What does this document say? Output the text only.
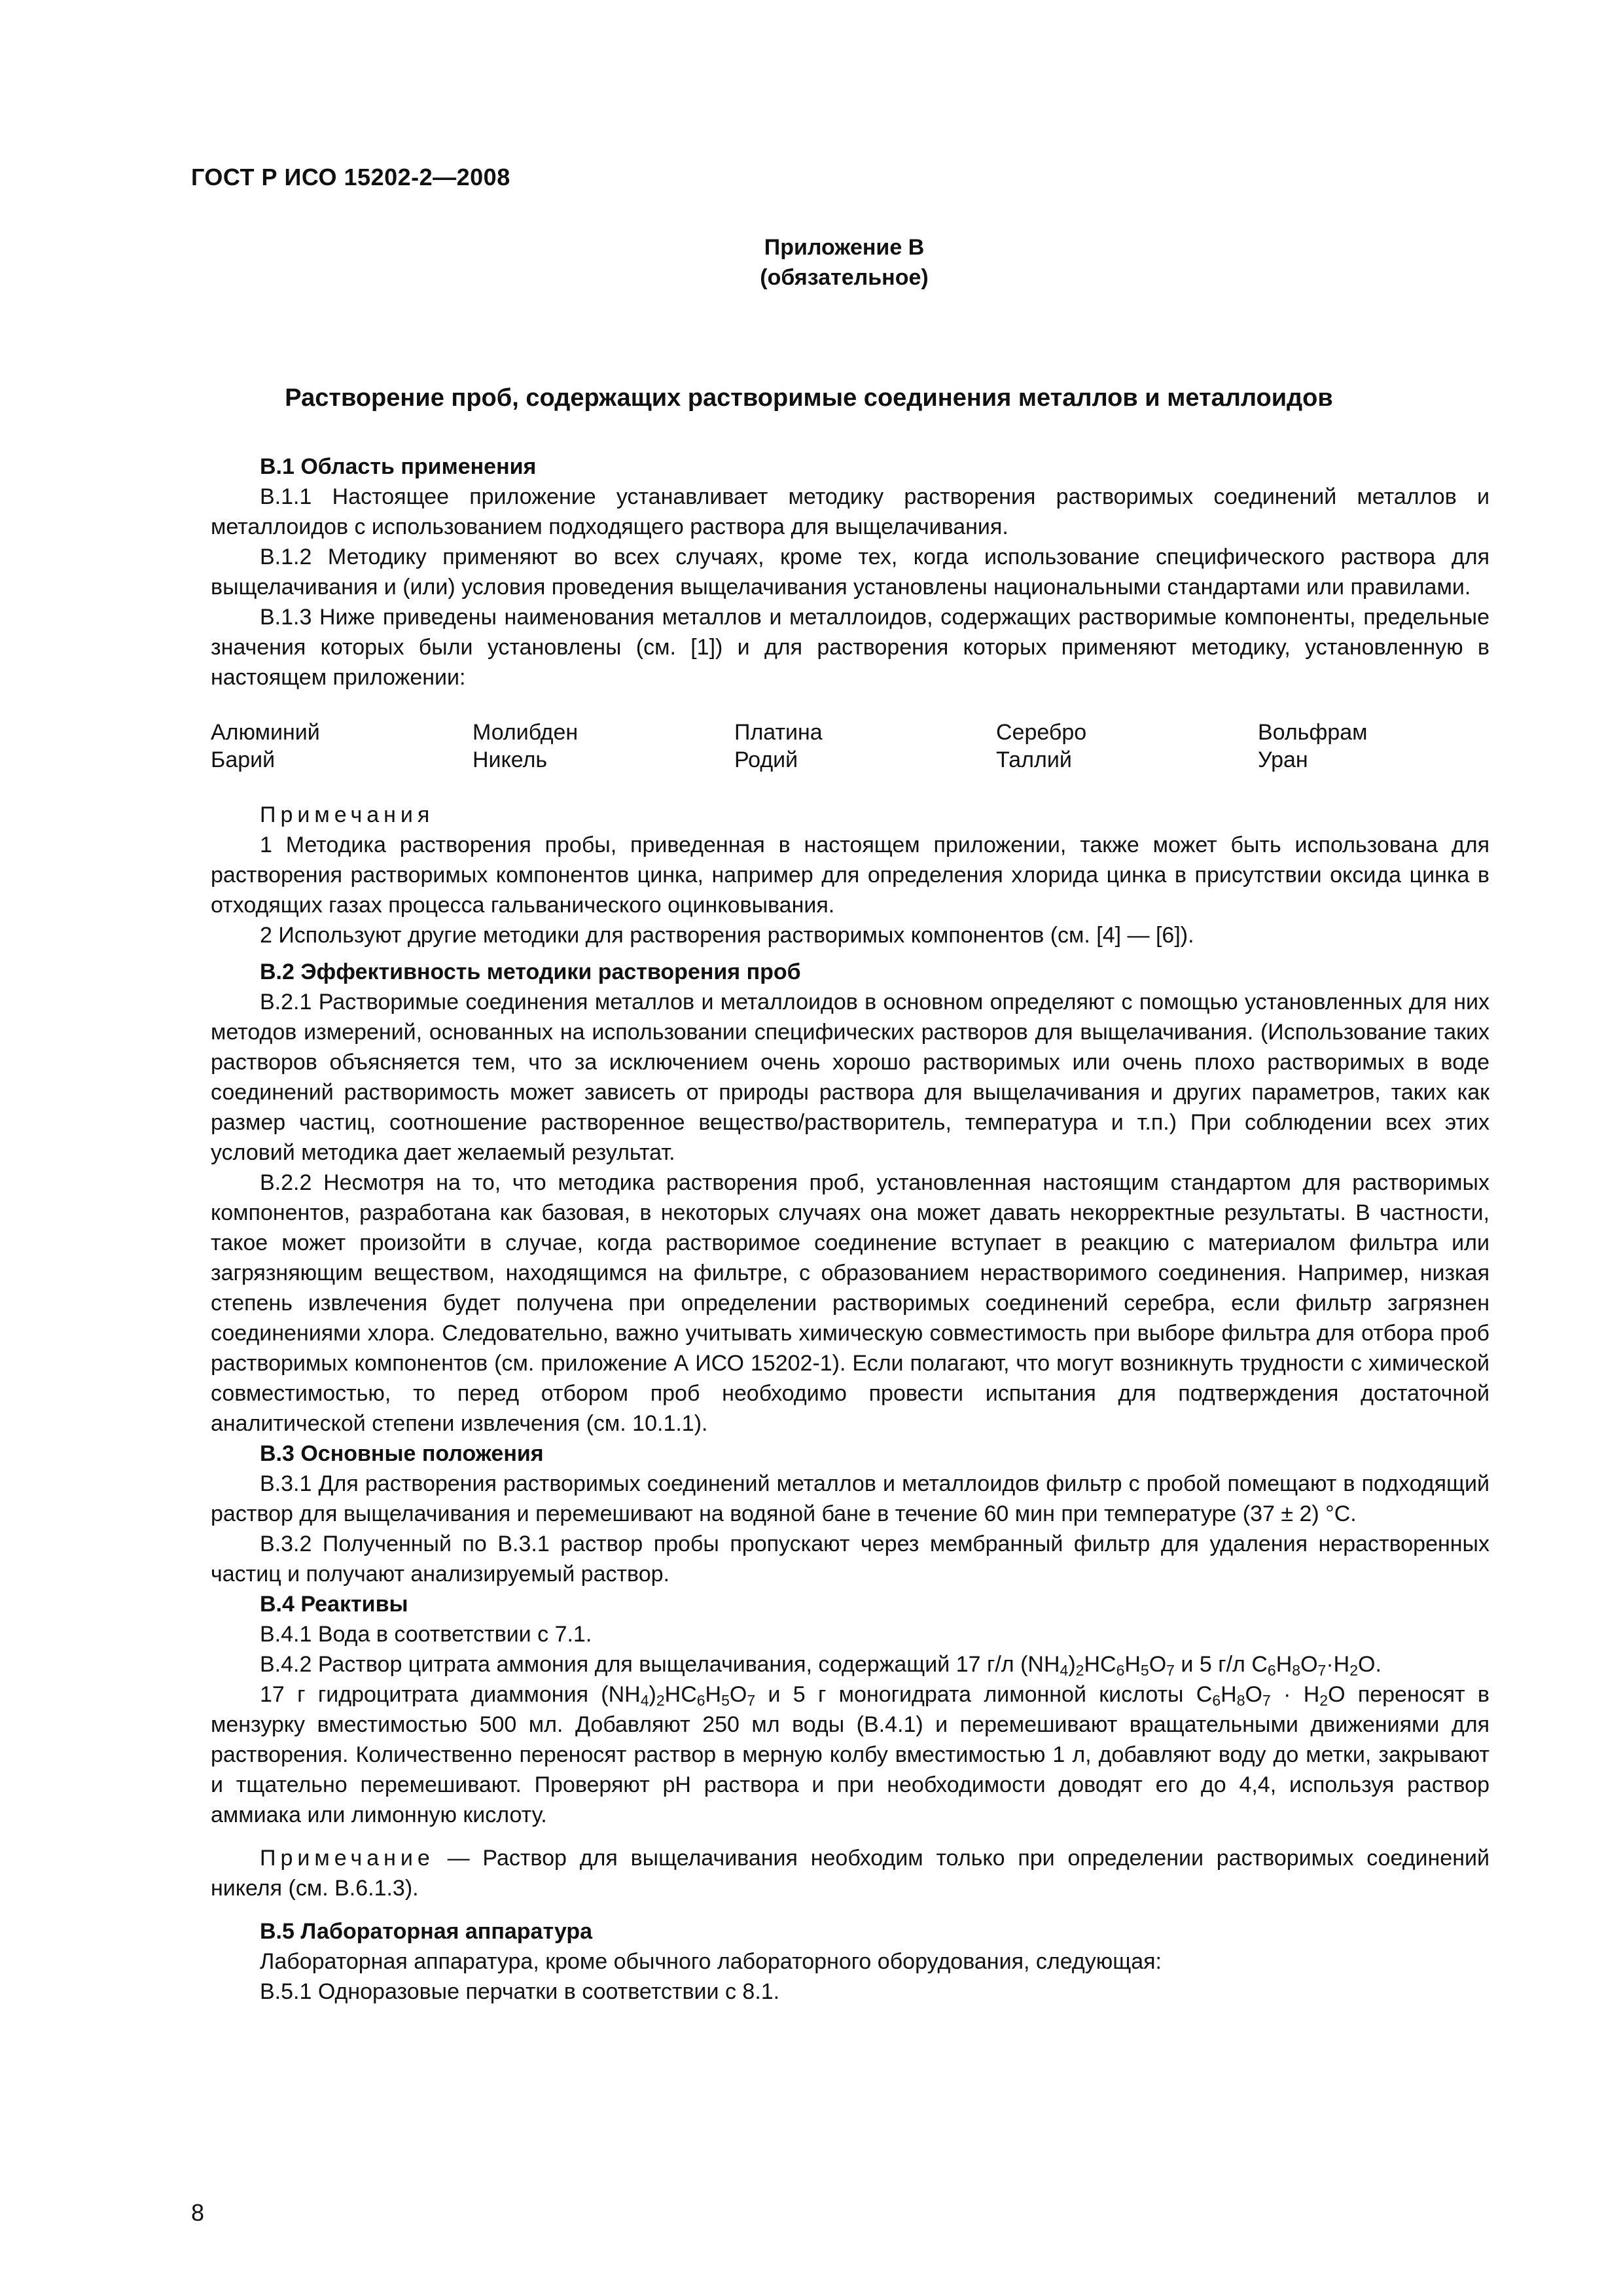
ГОСТ Р ИСО 15202-2—2008
Приложение В
(обязательное)
Растворение проб, содержащих растворимые соединения металлов и металлоидов

В.1 Область применения

В.1.1 Настоящее приложение устанавливает методику растворения растворимых соединений металлов и металлоидов с использованием подходящего раствора для выщелачивания.

В.1.2 Методику применяют во всех случаях, кроме тех, когда использование специфического раствора для выщелачивания и (или) условия проведения выщелачивания установлены национальными стандартами или правилами.

В.1.3 Ниже приведены наименования металлов и металлоидов, содержащих растворимые компоненты, предельные значения которых были установлены (см. [1]) и для растворения которых применяют методику, установленную в настоящем приложении:

Алюминий	Молибден	Платина	Серебро	Вольфрам
Барий	Никель	Родий	Таллий	Уран

Примечания

1 Методика растворения пробы, приведенная в настоящем приложении, также может быть использована для растворения растворимых компонентов цинка, например для определения хлорида цинка в присутствии оксида цинка в отходящих газах процесса гальванического оцинковывания.

2 Используют другие методики для растворения растворимых компонентов (см. [4] — [6]).

В.2 Эффективность методики растворения проб

В.2.1 Растворимые соединения металлов и металлоидов в основном определяют с помощью установленных для них методов измерений, основанных на использовании специфических растворов для выщелачивания. (Использование таких растворов объясняется тем, что за исключением очень хорошо растворимых или очень плохо растворимых в воде соединений растворимость может зависеть от природы раствора для выщелачивания и других параметров, таких как размер частиц, соотношение растворенное вещество/растворитель, температура и т.п.) При соблюдении всех этих условий методика дает желаемый результат.

В.2.2 Несмотря на то, что методика растворения проб, установленная настоящим стандартом для растворимых компонентов, разработана как базовая, в некоторых случаях она может давать некорректные результаты. В частности, такое может произойти в случае, когда растворимое соединение вступает в реакцию с материалом фильтра или загрязняющим веществом, находящимся на фильтре, с образованием нерастворимого соединения. Например, низкая степень извлечения будет получена при определении растворимых соединений серебра, если фильтр загрязнен соединениями хлора. Следовательно, важно учитывать химическую совместимость при выборе фильтра для отбора проб растворимых компонентов (см. приложение А ИСО 15202-1). Если полагают, что могут возникнуть трудности с химической совместимостью, то перед отбором проб необходимо провести испытания для подтверждения достаточной аналитической степени извлечения (см. 10.1.1).

В.3 Основные положения

В.3.1 Для растворения растворимых соединений металлов и металлоидов фильтр с пробой помещают в подходящий раствор для выщелачивания и перемешивают на водяной бане в течение 60 мин при температуре (37 ± 2) °С.

В.3.2 Полученный по В.3.1 раствор пробы пропускают через мембранный фильтр для удаления нерастворенных частиц и получают анализируемый раствор.

В.4 Реактивы

В.4.1 Вода в соответствии с 7.1.

В.4.2 Раствор цитрата аммония для выщелачивания, содержащий 17 г/л $(NH_4)_2HC_6H_5O_7$ и 5 г/л $C_6H_8O_7\cdot H_2O$.

17 г гидроцитрата диаммония $(NH_4)_2HC_6H_5O_7$ и 5 г моногидрата лимонной кислоты $C_6H_8O_7 \cdot H_2O$ переносят в мензурку вместимостью 500 мл. Добавляют 250 мл воды (В.4.1) и перемешивают вращательными движениями для растворения. Количественно переносят раствор в мерную колбу вместимостью 1 л, добавляют воду до метки, закрывают и тщательно перемешивают. Проверяют pH раствора и при необходимости доводят его до 4,4, используя раствор аммиака или лимонную кислоту.

Примечание — Раствор для выщелачивания необходим только при определении растворимых соединений никеля (см. В.6.1.3).

В.5 Лабораторная аппаратура

Лабораторная аппаратура, кроме обычного лабораторного оборудования, следующая:

В.5.1 Одноразовые перчатки в соответствии с 8.1.

8
